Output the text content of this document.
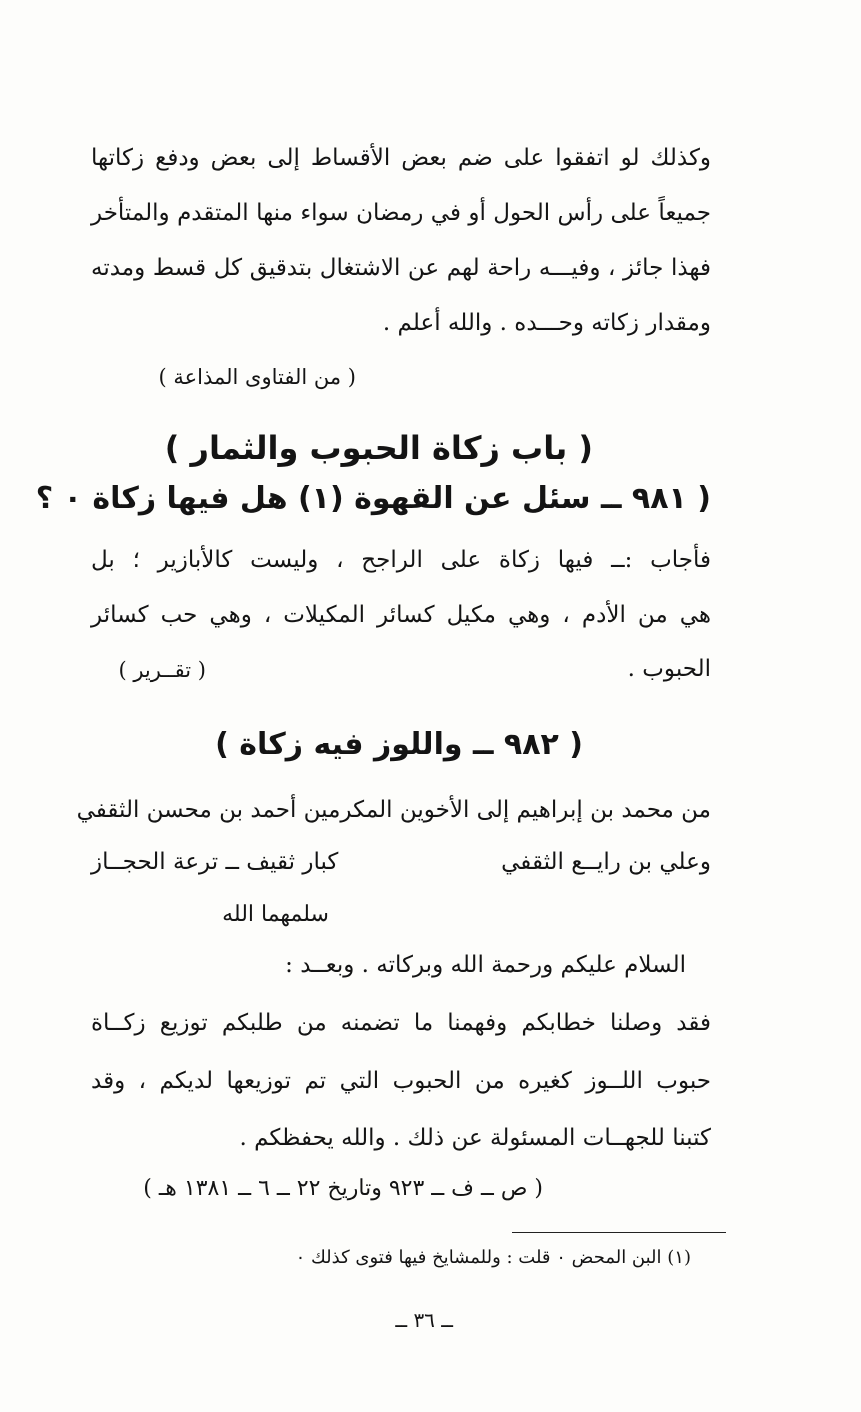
وكذلك لو اتفقوا على ضم بعض الأقساط إلى بعض ودفع زكاتها
جميعاً على رأس الحول أو في رمضان سواء منها المتقدم والمتأخر
فهذا جائز ، وفيـــه راحة لهم عن الاشتغال بتدقيق كل قسط ومدته
ومقدار زكاته وحـــده . والله أعلم .
( من الفتاوى المذاعة )
( باب زكاة الحبوب والثمار )
( ٩٨١ ــ سئل عن القهوة (١) هل فيها زكاة ٠ ؟
فأجاب :ــ فيها زكاة على الراجح ، وليست كالأبازير ؛ بل
هي من الأدم ، وهي مكيل كسائر المكيلات ، وهي حب كسائر
الحبوب .
( تقــرير )
( ٩٨٢ ــ واللوز فيه زكاة )
من محمد بن إبراهيم إلى الأخوين المكرمين أحمد بن محسن الثقفي
وعلي بن رايــع الثقفي
كبار ثقيف ــ ترعة الحجــاز
سلمهما الله
السلام عليكم ورحمة الله وبركاته . وبعــد :
فقد وصلنا خطابكم وفهمنا ما تضمنه من طلبكم توزيع زكــاة
حبوب اللــوز كغيره من الحبوب التي تم توزيعها لديكم ، وقد
كتبنا للجهــات المسئولة عن ذلك . والله يحفظكم .
( ص ــ ف ــ ٩٢٣ وتاريخ ٢٢ ــ ٦ ــ ١٣٨١ هـ )
(١) البن المحض ٠ قلت : وللمشايخ فيها فتوى كذلك ٠
ــ ٣٦ ــ
